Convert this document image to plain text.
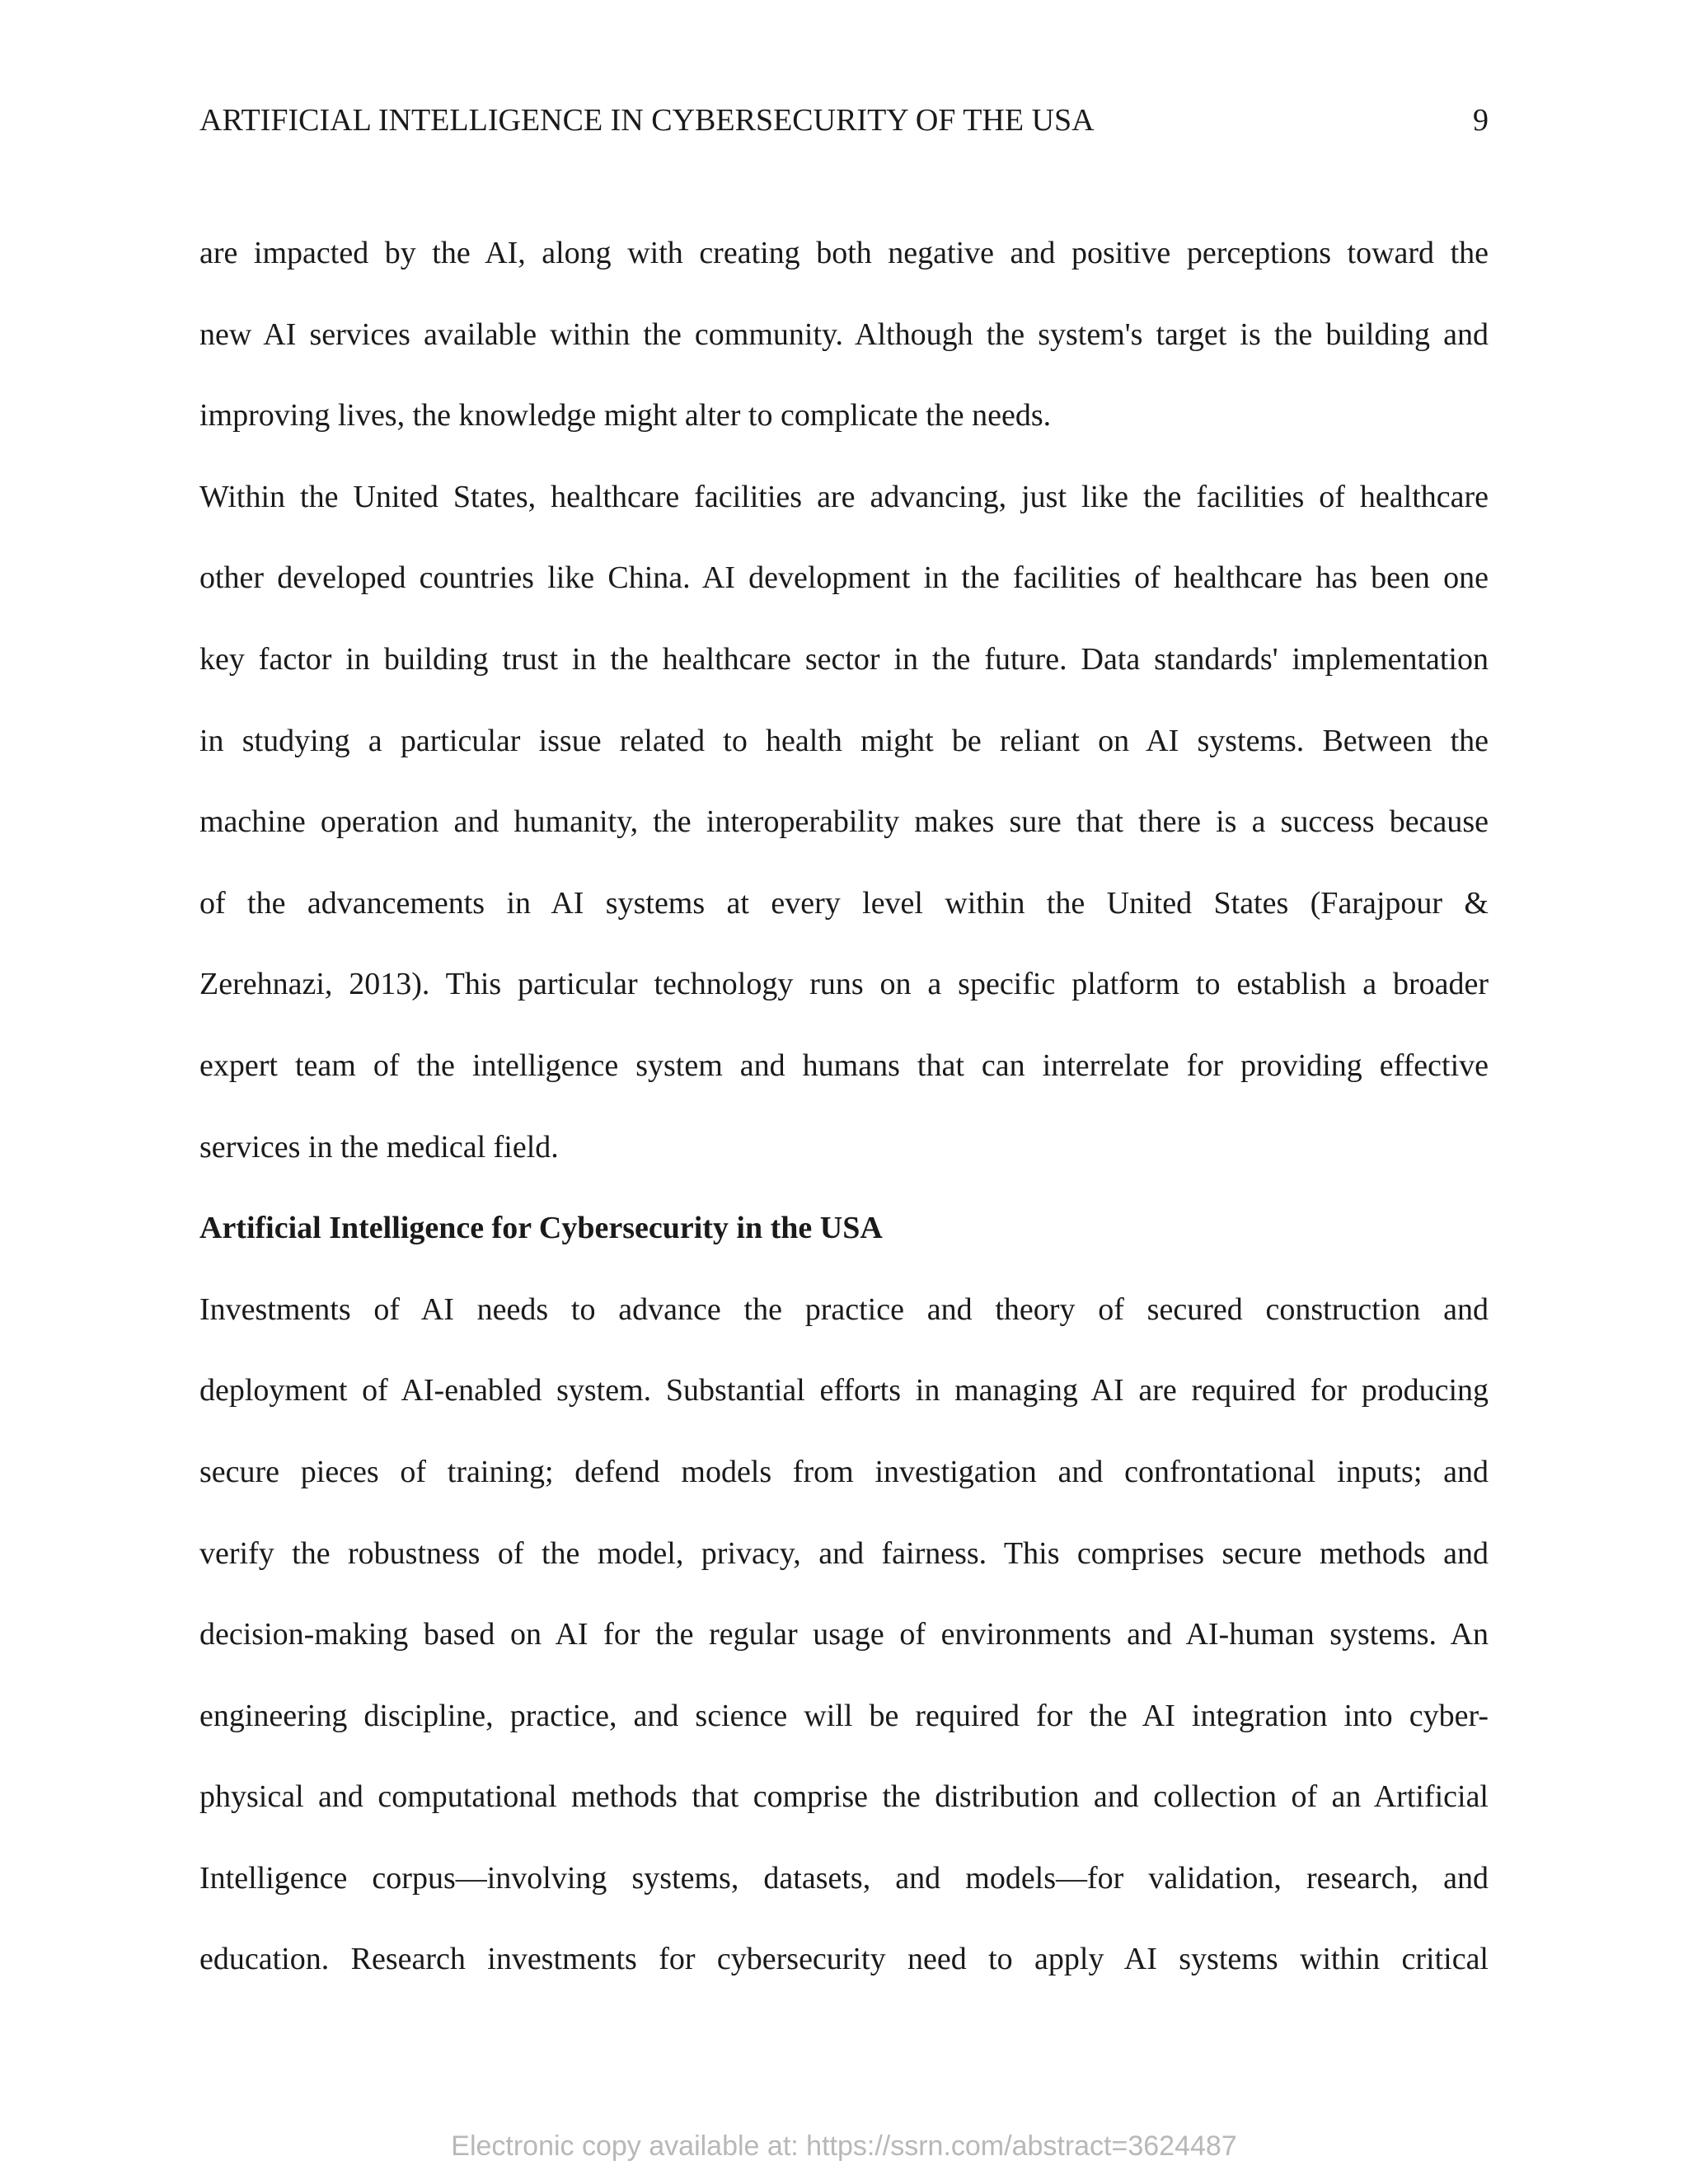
ARTIFICIAL INTELLIGENCE IN CYBERSECURITY OF THE USA	9
are impacted by the AI, along with creating both negative and positive perceptions toward the
new AI services available within the community. Although the system's target is the building and
improving lives, the knowledge might alter to complicate the needs.
Within the United States, healthcare facilities are advancing, just like the facilities of healthcare
other developed countries like China. AI development in the facilities of healthcare has been one
key factor in building trust in the healthcare sector in the future. Data standards' implementation
in studying a particular issue related to health might be reliant on AI systems. Between the
machine operation and humanity, the interoperability makes sure that there is a success because
of the advancements in AI systems at every level within the United States (Farajpour &
Zerehnazi, 2013). This particular technology runs on a specific platform to establish a broader
expert team of the intelligence system and humans that can interrelate for providing effective
services in the medical field.
Artificial Intelligence for Cybersecurity in the USA
Investments of AI needs to advance the practice and theory of secured construction and
deployment of AI-enabled system. Substantial efforts in managing AI are required for producing
secure pieces of training; defend models from investigation and confrontational inputs; and
verify the robustness of the model, privacy, and fairness. This comprises secure methods and
decision-making based on AI for the regular usage of environments and AI-human systems. An
engineering discipline, practice, and science will be required for the AI integration into cyber-
physical and computational methods that comprise the distribution and collection of an Artificial
Intelligence corpus—involving systems, datasets, and models—for validation, research, and
education. Research investments for cybersecurity need to apply AI systems within critical
Electronic copy available at: https://ssrn.com/abstract=3624487
